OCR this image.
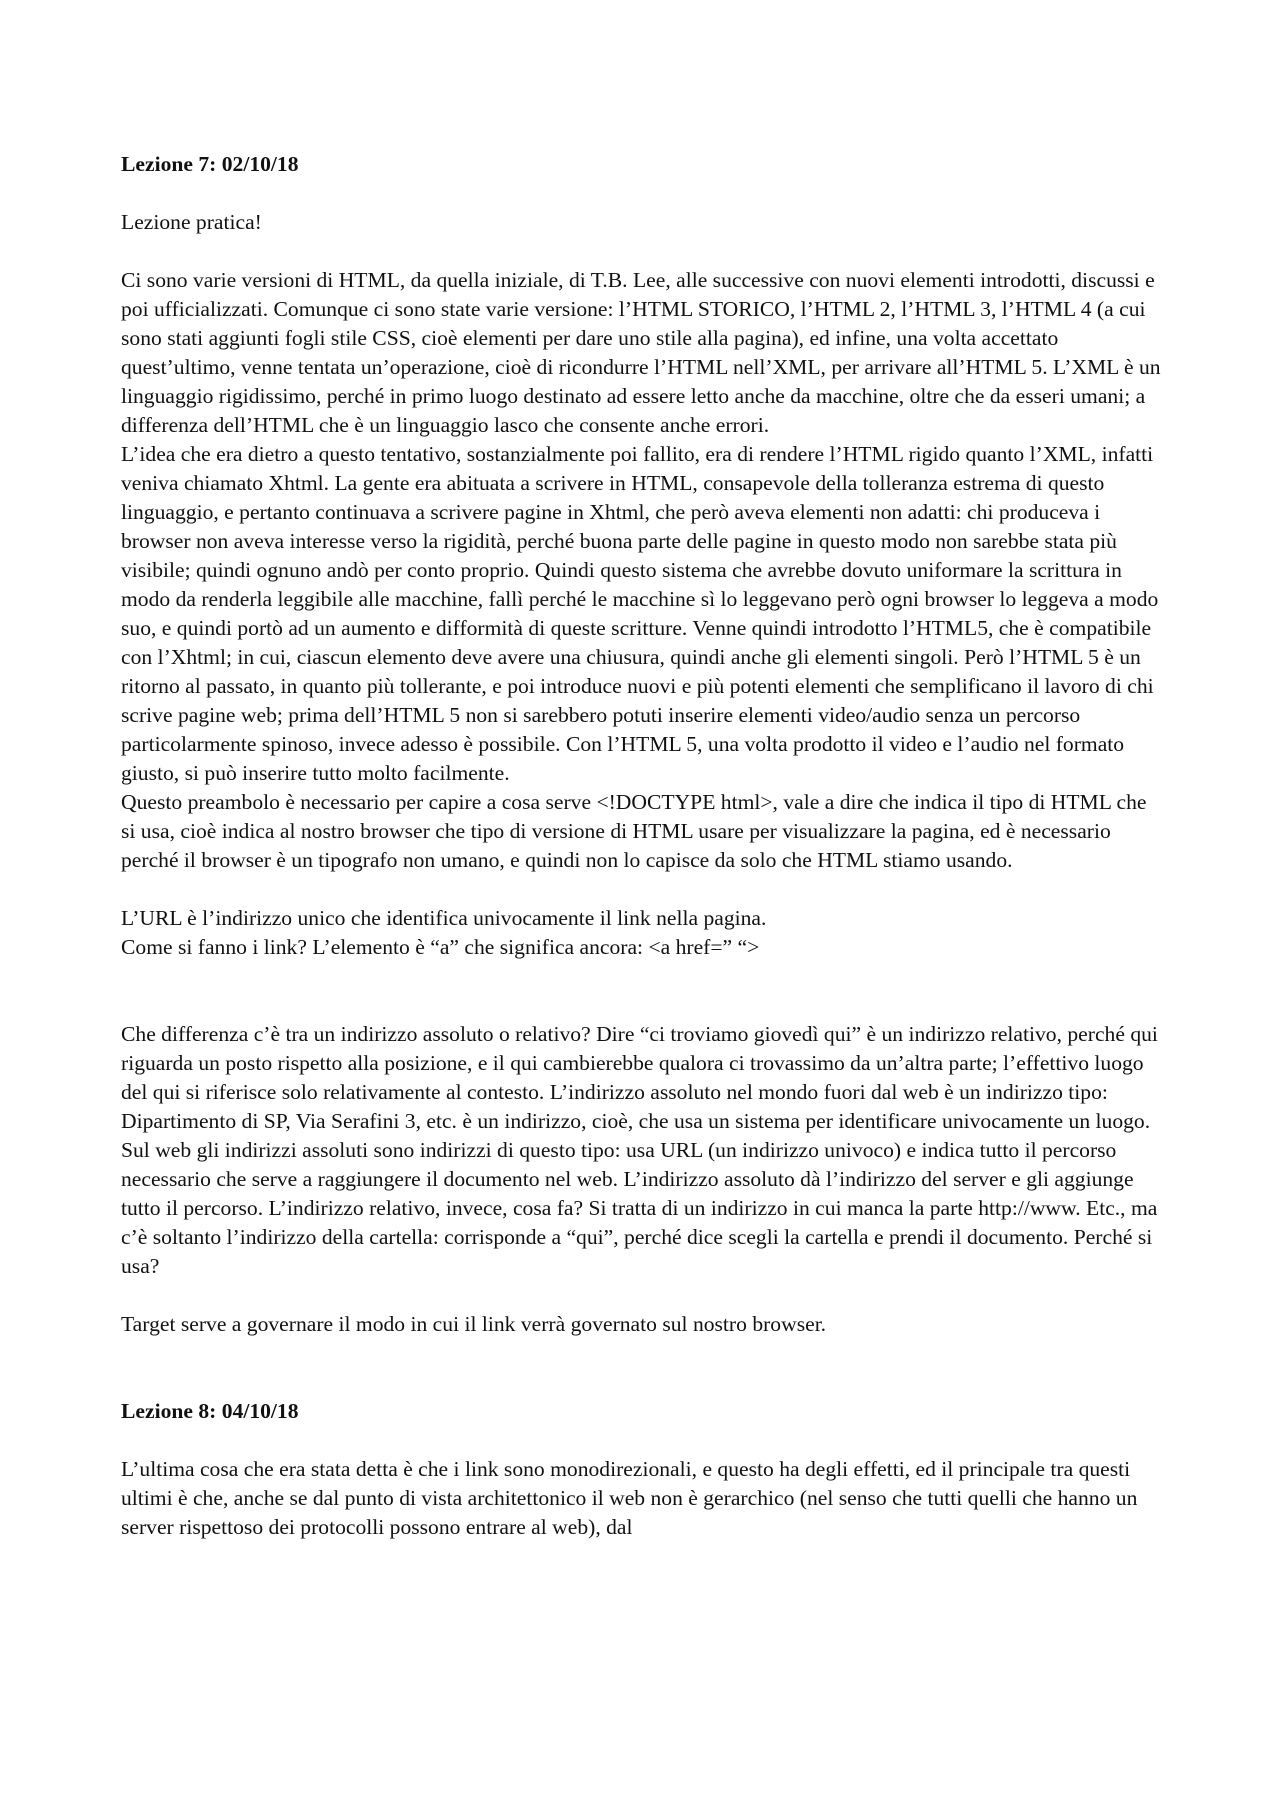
Lezione 7: 02/10/18

Lezione pratica!

Ci sono varie versioni di HTML, da quella iniziale, di T.B. Lee, alle successive con nuovi elementi introdotti, discussi e poi ufficializzati. Comunque ci sono state varie versione: l’HTML STORICO, l’HTML 2, l’HTML 3, l’HTML 4 (a cui sono stati aggiunti fogli stile CSS, cioè elementi per dare uno stile alla pagina), ed infine, una volta accettato quest’ultimo, venne tentata un’operazione, cioè di ricondurre l’HTML nell’XML, per arrivare all’HTML 5. L’XML è un linguaggio rigidissimo, perché in primo luogo destinato ad essere letto anche da macchine, oltre che da esseri umani; a differenza dell’HTML che è un linguaggio lasco che consente anche errori.

L’idea che era dietro a questo tentativo, sostanzialmente poi fallito, era di rendere l’HTML rigido quanto l’XML, infatti veniva chiamato Xhtml. La gente era abituata a scrivere in HTML, consapevole della tolleranza estrema di questo linguaggio, e pertanto continuava a scrivere pagine in Xhtml, che però aveva elementi non adatti: chi produceva i browser non aveva interesse verso la rigidità, perché buona parte delle pagine in questo modo non sarebbe stata più visibile; quindi ognuno andò per conto proprio. Quindi questo sistema che avrebbe dovuto uniformare la scrittura in modo da renderla leggibile alle macchine, fallì perché le macchine sì lo leggevano però ogni browser lo leggeva a modo suo, e quindi portò ad un aumento e difformità di queste scritture. Venne quindi introdotto l’HTML5, che è compatibile con l’Xhtml; in cui, ciascun elemento deve avere una chiusura, quindi anche gli elementi singoli. Però l’HTML 5 è un ritorno al passato, in quanto più tollerante, e poi introduce nuovi e più potenti elementi che semplificano il lavoro di chi scrive pagine web; prima dell’HTML 5 non si sarebbero potuti inserire elementi video/audio senza un percorso particolarmente spinoso, invece adesso è possibile. Con l’HTML 5, una volta prodotto il video e l’audio nel formato giusto, si può inserire tutto molto facilmente.

Questo preambolo è necessario per capire a cosa serve <!DOCTYPE html>, vale a dire che indica il tipo di HTML che si usa, cioè indica al nostro browser che tipo di versione di HTML usare per visualizzare la pagina, ed è necessario perché il browser è un tipografo non umano, e quindi non lo capisce da solo che HTML stiamo usando.

L’URL è l’indirizzo unico che identifica univocamente il link nella pagina.

Come si fanno i link? L’elemento è “a” che significa ancora: <a href=” “>

Che differenza c’è tra un indirizzo assoluto o relativo? Dire “ci troviamo giovedì qui” è un indirizzo relativo, perché qui riguarda un posto rispetto alla posizione, e il qui cambierebbe qualora ci trovassimo da un’altra parte; l’effettivo luogo del qui si riferisce solo relativamente al contesto. L’indirizzo assoluto nel mondo fuori dal web è un indirizzo tipo: Dipartimento di SP, Via Serafini 3, etc. è un indirizzo, cioè, che usa un sistema per identificare univocamente un luogo. Sul web gli indirizzi assoluti sono indirizzi di questo tipo: usa URL (un indirizzo univoco) e indica tutto il percorso necessario che serve a raggiungere il documento nel web. L’indirizzo assoluto dà l’indirizzo del server e gli aggiunge tutto il percorso. L’indirizzo relativo, invece, cosa fa? Si tratta di un indirizzo in cui manca la parte http://www. Etc., ma c’è soltanto l’indirizzo della cartella: corrisponde a “qui”, perché dice scegli la cartella e prendi il documento. Perché si usa?

Target serve a governare il modo in cui il link verrà governato sul nostro browser.

Lezione 8: 04/10/18

L’ultima cosa che era stata detta è che i link sono monodirezionali, e questo ha degli effetti, ed il principale tra questi ultimi è che, anche se dal punto di vista architettonico il web non è gerarchico (nel senso che tutti quelli che hanno un server rispettoso dei protocolli possono entrare al web), dal
